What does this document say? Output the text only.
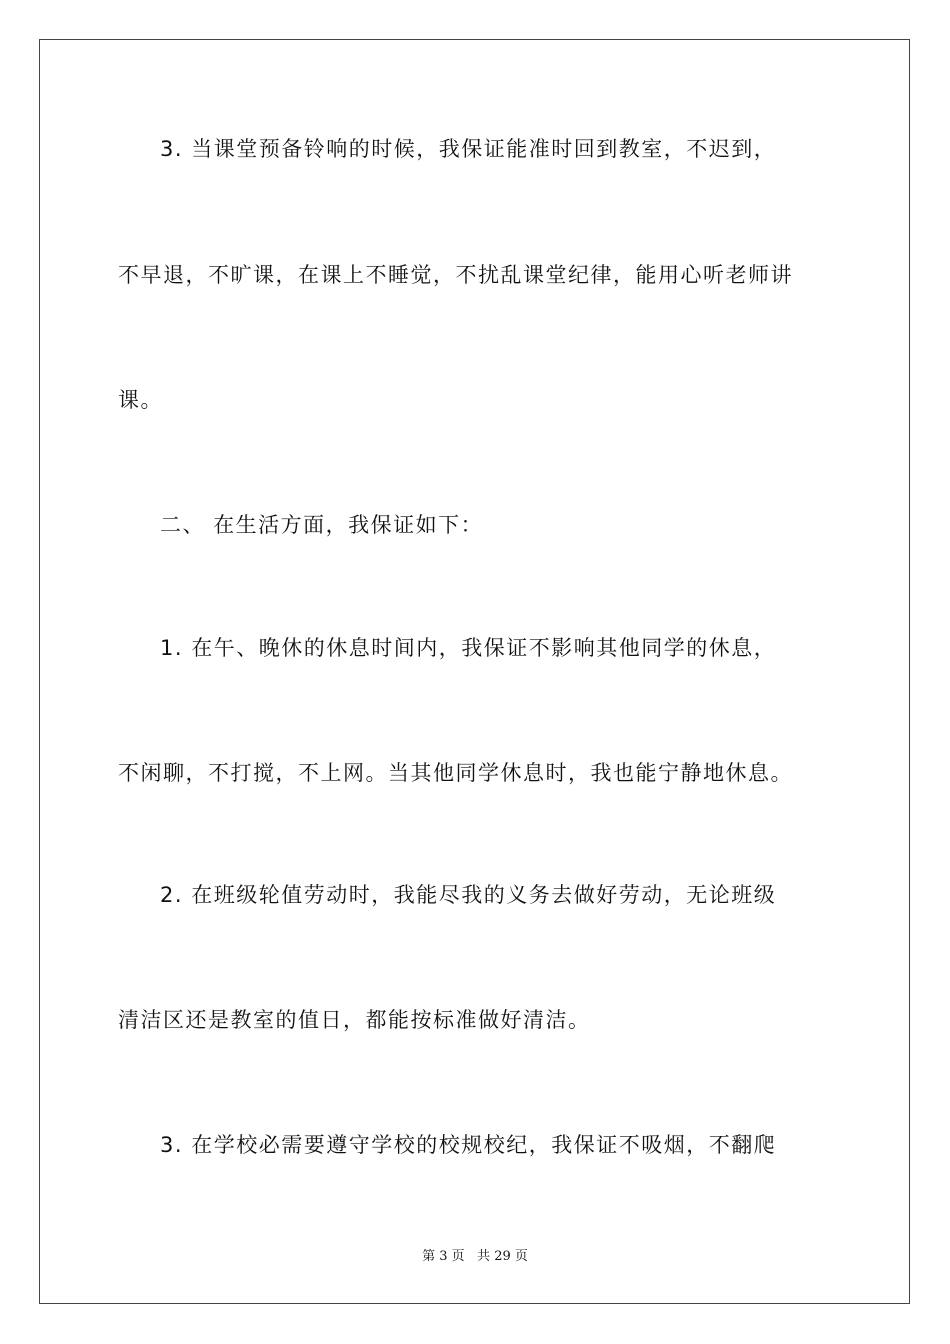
3. 当课堂预备铃响的时候，我保证能准时回到教室，不迟到，
不早退，不旷课，在课上不睡觉，不扰乱课堂纪律，能用心听老师讲
课。
二、 在生活方面，我保证如下：
1. 在午、晚休的休息时间内，我保证不影响其他同学的休息，
不闲聊，不打搅，不上网。当其他同学休息时，我也能宁静地休息。
2. 在班级轮值劳动时，我能尽我的义务去做好劳动，无论班级
清洁区还是教室的值日，都能按标准做好清洁。
3. 在学校必需要遵守学校的校规校纪，我保证不吸烟，不翻爬
第 3 页   共 29 页
